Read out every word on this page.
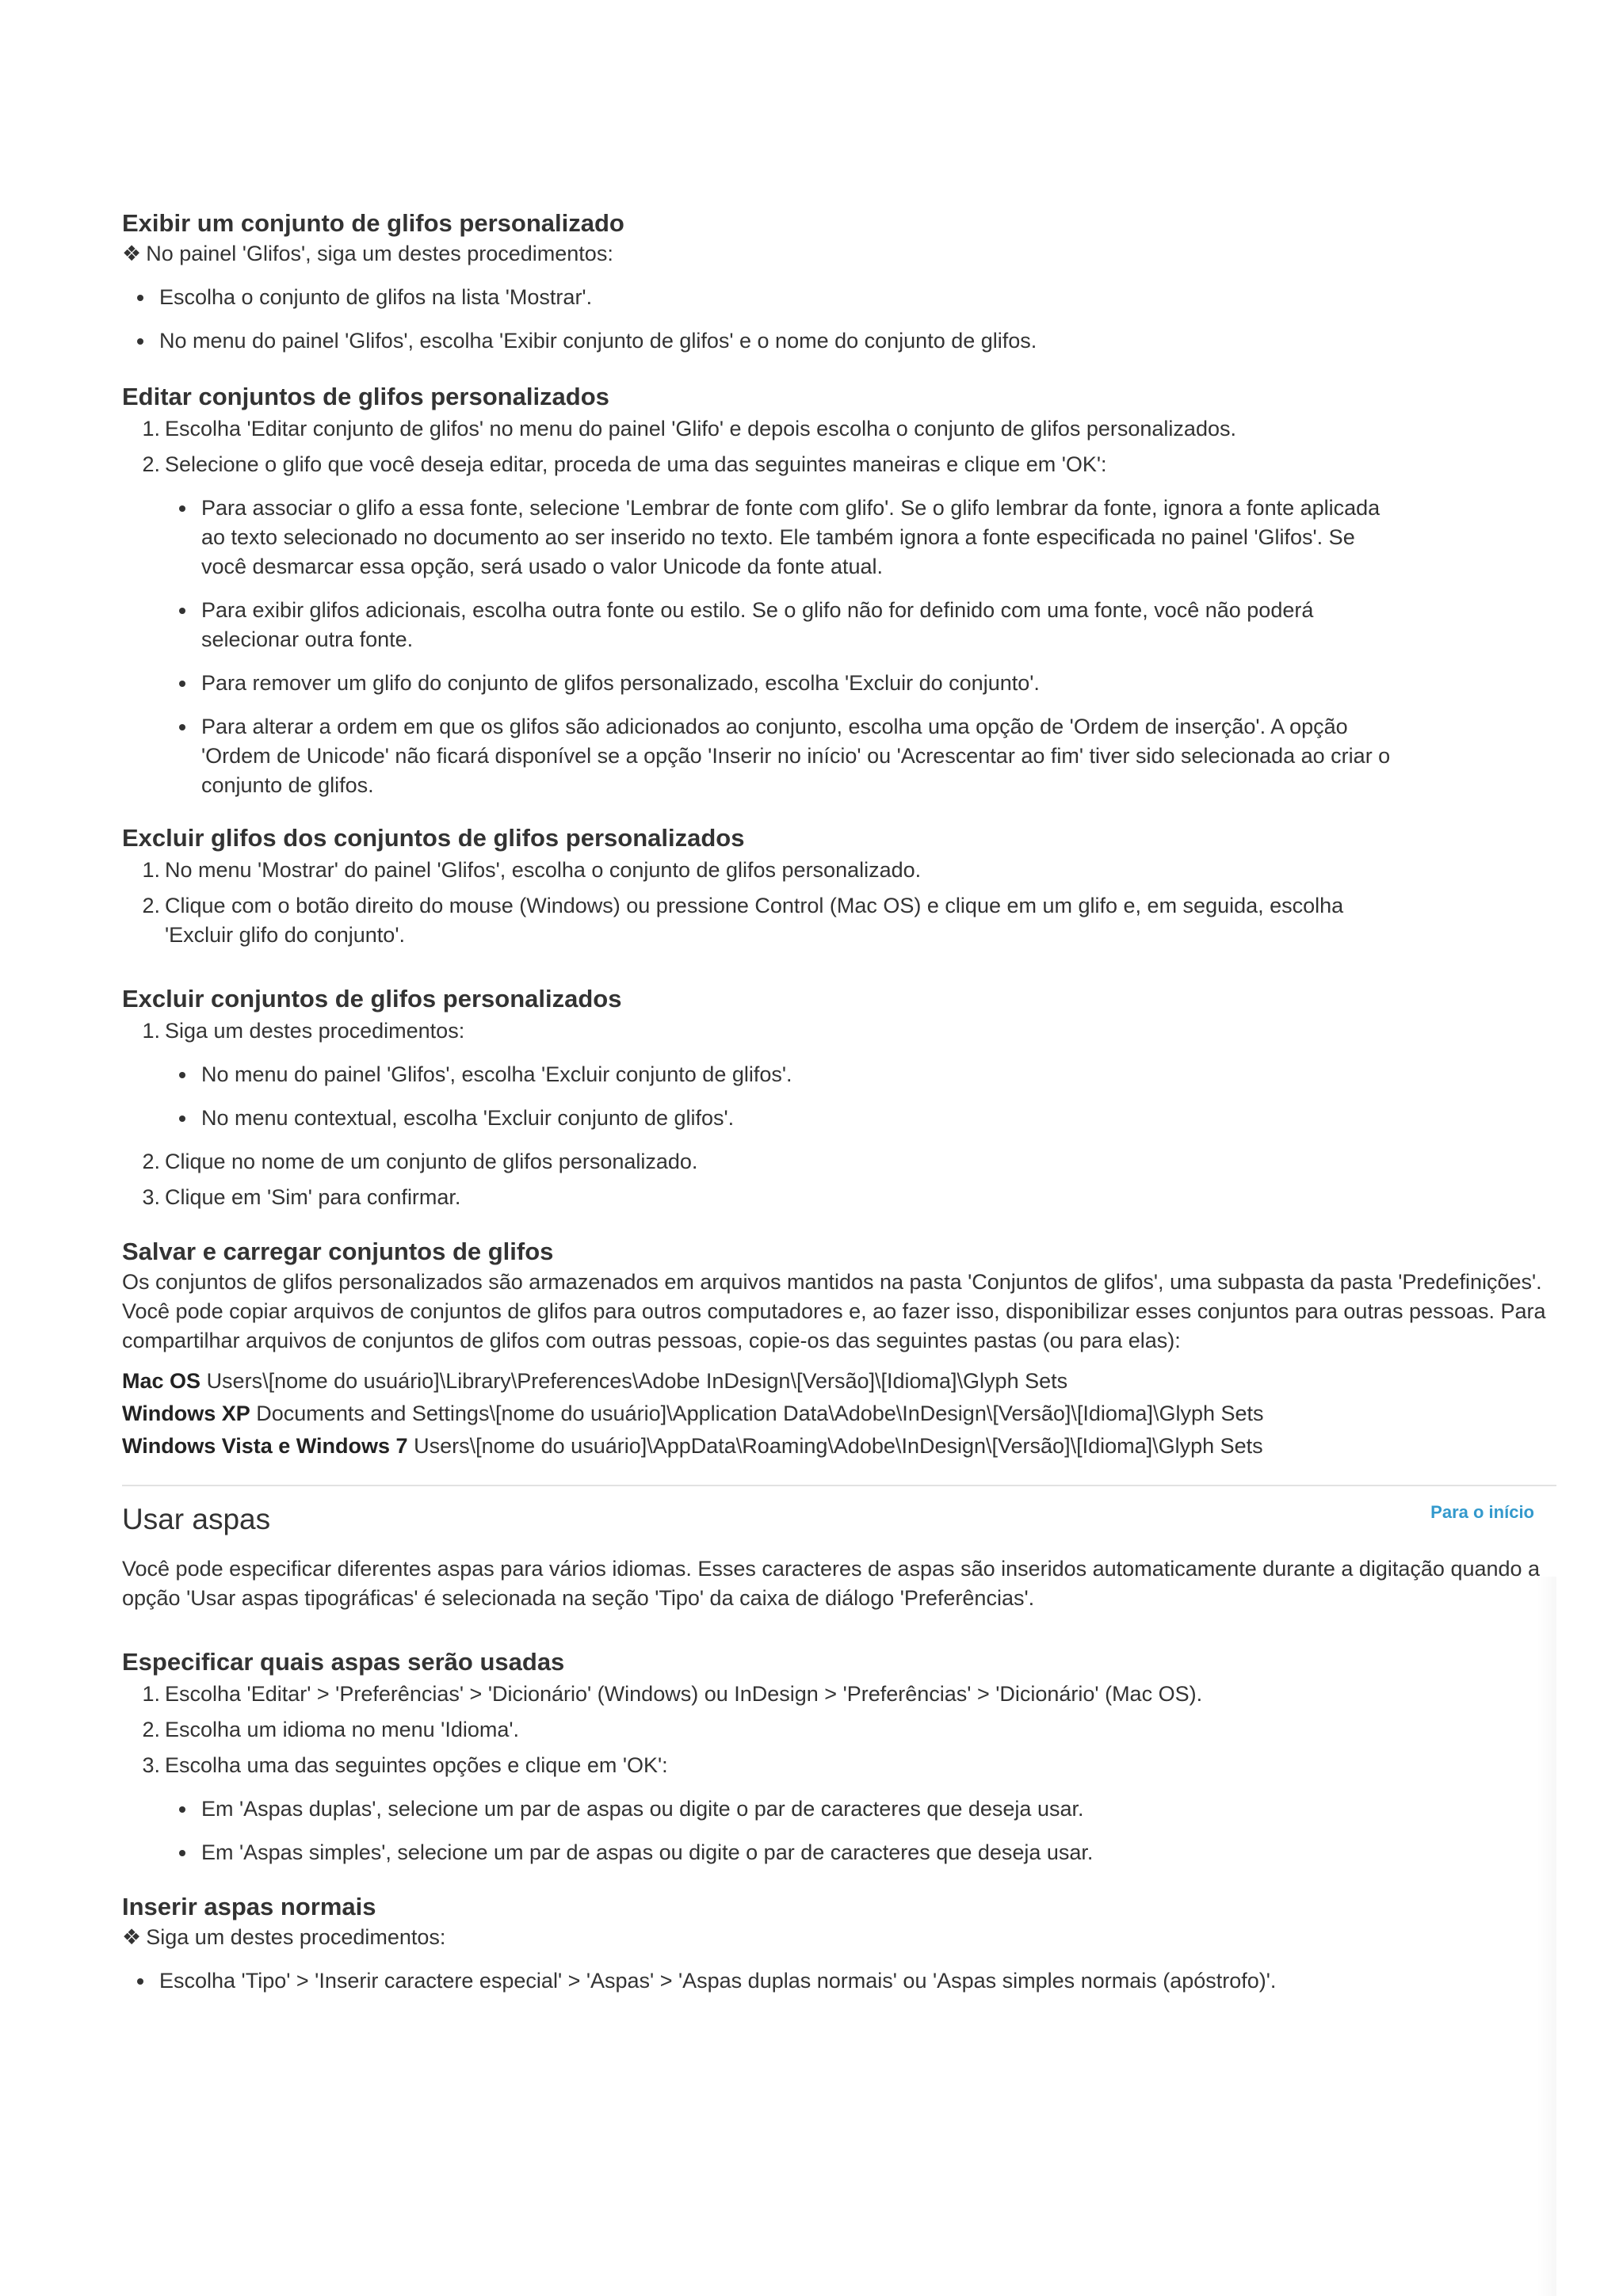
Exibir um conjunto de glifos personalizado

❖ No painel 'Glifos', siga um destes procedimentos:

Escolha o conjunto de glifos na lista 'Mostrar'.
No menu do painel 'Glifos', escolha 'Exibir conjunto de glifos' e o nome do conjunto de glifos.
Editar conjuntos de glifos personalizados
1. Escolha 'Editar conjunto de glifos' no menu do painel 'Glifo' e depois escolha o conjunto de glifos personalizados.
2. Selecione o glifo que você deseja editar, proceda de uma das seguintes maneiras e clique em 'OK':
Para associar o glifo a essa fonte, selecione 'Lembrar de fonte com glifo'. Se o glifo lembrar da fonte, ignora a fonte aplicada ao texto selecionado no documento ao ser inserido no texto. Ele também ignora a fonte especificada no painel 'Glifos'. Se você desmarcar essa opção, será usado o valor Unicode da fonte atual.
Para exibir glifos adicionais, escolha outra fonte ou estilo. Se o glifo não for definido com uma fonte, você não poderá selecionar outra fonte.
Para remover um glifo do conjunto de glifos personalizado, escolha 'Excluir do conjunto'.
Para alterar a ordem em que os glifos são adicionados ao conjunto, escolha uma opção de 'Ordem de inserção'. A opção 'Ordem de Unicode' não ficará disponível se a opção 'Inserir no início' ou 'Acrescentar ao fim' tiver sido selecionada ao criar o conjunto de glifos.
Excluir glifos dos conjuntos de glifos personalizados
1. No menu 'Mostrar' do painel 'Glifos', escolha o conjunto de glifos personalizado.
2. Clique com o botão direito do mouse (Windows) ou pressione Control (Mac OS) e clique em um glifo e, em seguida, escolha 'Excluir glifo do conjunto'.
Excluir conjuntos de glifos personalizados
1. Siga um destes procedimentos:
No menu do painel 'Glifos', escolha 'Excluir conjunto de glifos'.
No menu contextual, escolha 'Excluir conjunto de glifos'.
2. Clique no nome de um conjunto de glifos personalizado.
3. Clique em 'Sim' para confirmar.
Salvar e carregar conjuntos de glifos

Os conjuntos de glifos personalizados são armazenados em arquivos mantidos na pasta 'Conjuntos de glifos', uma subpasta da pasta 'Predefinições'. Você pode copiar arquivos de conjuntos de glifos para outros computadores e, ao fazer isso, disponibilizar esses conjuntos para outras pessoas. Para compartilhar arquivos de conjuntos de glifos com outras pessoas, copie-os das seguintes pastas (ou para elas):

Mac OS Users\[nome do usuário]\Library\Preferences\Adobe InDesign\[Versão]\[Idioma]\Glyph Sets

Windows XP Documents and Settings\[nome do usuário]\Application Data\Adobe\InDesign\[Versão]\[Idioma]\Glyph Sets

Windows Vista e Windows 7 Users\[nome do usuário]\AppData\Roaming\Adobe\InDesign\[Versão]\[Idioma]\Glyph Sets

Para o início
Usar aspas

Você pode especificar diferentes aspas para vários idiomas. Esses caracteres de aspas são inseridos automaticamente durante a digitação quando a opção 'Usar aspas tipográficas' é selecionada na seção 'Tipo' da caixa de diálogo 'Preferências'.

Especificar quais aspas serão usadas
1. Escolha 'Editar' > 'Preferências' > 'Dicionário' (Windows) ou InDesign > 'Preferências' > 'Dicionário' (Mac OS).
2. Escolha um idioma no menu 'Idioma'.
3. Escolha uma das seguintes opções e clique em 'OK':
Em 'Aspas duplas', selecione um par de aspas ou digite o par de caracteres que deseja usar.
Em 'Aspas simples', selecione um par de aspas ou digite o par de caracteres que deseja usar.
Inserir aspas normais

❖ Siga um destes procedimentos:

Escolha 'Tipo' > 'Inserir caractere especial' > 'Aspas' > 'Aspas duplas normais' ou 'Aspas simples normais (apóstrofo)'.
